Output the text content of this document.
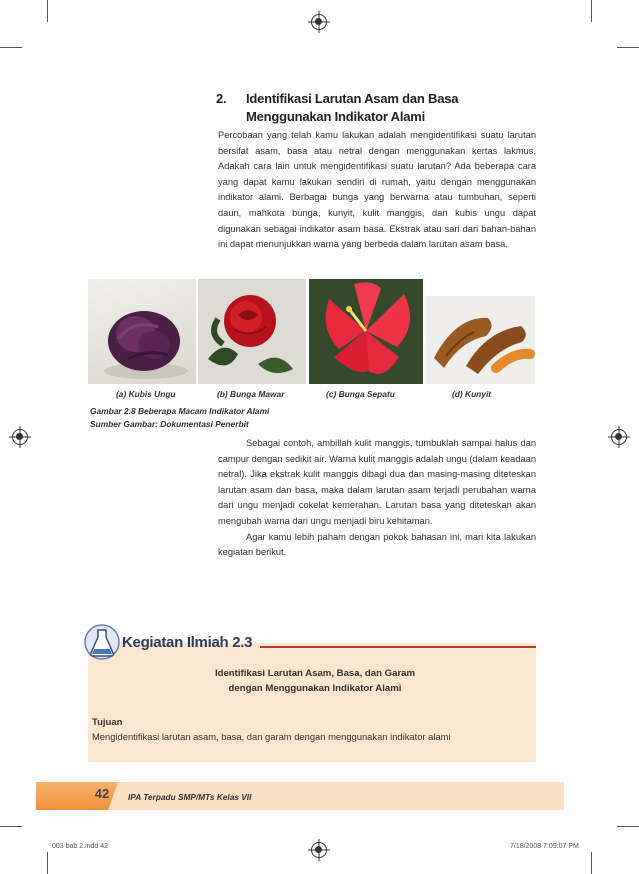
2. Identifikasi Larutan Asam dan Basa Menggunakan Indikator Alami
Percobaan yang telah kamu lakukan adalah mengidentifikasi suatu larutan bersifat asam, basa atau netral dengan menggunakan kertas lakmus. Adakah cara lain untuk mengidentifikasi suatu larutan? Ada beberapa cara yang dapat kamu lakukan sendiri di rumah, yaitu dengan menggunakan indikator alami. Berbagai bunga yang berwarna atau tumbuhan, seperti daun, mahkota bunga, kunyit, kulit manggis, dan kubis ungu dapat digunakan sebagai indikator asam basa. Ekstrak atau sari dari bahan-bahan ini dapat menunjukkan warna yang berbeda dalam larutan asam basa.
(a) Kubis Ungu	(b) Bunga Mawar	(c) Bunga Sepatu	(d) Kunyit
Gambar 2.8 Beberapa Macam Indikator Alami
Sumber Gambar: Dokumentasi Penerbit
Sebagai contoh, ambillah kulit manggis, tumbuklah sampai halus dan campur dengan sedikit air. Warna kulit manggis adalah ungu (dalam keadaan netral). Jika ekstrak kulit manggis dibagi dua dan masing-masing diteteskan larutan asam dan basa, maka dalam larutan asam terjadi perubahan warna dari ungu menjadi cokelat kemerahan. Larutan basa yang diteteskan akan mengubah warna dari ungu menjadi biru kehitaman.
Agar kamu lebih paham dengan pokok bahasan ini, mari kita lakukan kegiatan berikut.
Kegiatan Ilmiah 2.3
Identifikasi Larutan Asam, Basa, dan Garam
dengan Menggunakan Indikator Alami
Tujuan
Mengidentifikasi larutan asam, basa, dan garam dengan menggunakan indikator alami
42	IPA Terpadu SMP/MTs Kelas VII
003 bab 2.indd 42	7/18/2008 7:09:07 PM
